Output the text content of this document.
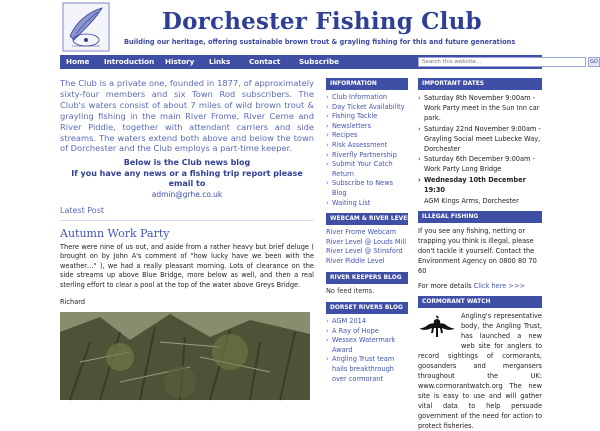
Dorchester Fishing Club
Building our heritage, offering sustainable brown trout & grayling fishing for this and future generations
Home Introduction History Links	Contact	Subscribe
Search this website…	GO

The Club is a private one, founded in 1877, of approximately sixty-four members and six Town Rod subscribers. The Club's waters consist of about 7 miles of wild brown trout & grayling fishing in the main River Frome, River Cerne and River Piddle, together with attendant carriers and side streams. The waters extend both above and below the town of Dorchester and the Club employs a part-time keeper.

Below is the Club news blog
If you have any news or a fishing trip report please email to
admin@grhe.co.uk
Latest Post
Autumn Work Party

There were nine of us out, and aside from a rather heavy but brief deluge ( brought on by John A's comment of "how lucky have we been with the weather…" ), we had a really pleasant morning. Lots of clearance on the side streams up above Blue Bridge, more below as well, and then a real sterling effort to clear a pool at the top of the water above Greys Bridge.

Richard
INFORMATION
› Club Information
› Day Ticket Availability
› Fishing Tackle
› Newsletters
› Recipes
› Risk Assessment
› Riverfly Partnership
› Submit Your Catch Return
› Subscribe to News Blog
› Waiting List
WEBCAM & RIVER LEVEL
River Frome Webcam
River Level @ Louds Mill
River Level @ Stinsford
River Piddle Level
RIVER KEEPERS BLOG

No feed items.

DORSET RIVERS BLOG
› AGM 2014
› A Ray of Hope
› Wessex Watermark Award
› Angling Trust team hails breakthrough over cormorant
IMPORTANT DATES
› Saturday 8th November 9:00am - Work Party meet in the Sun Inn car park.
› Saturday 22nd November 9:00am - Grayling Social meet Lubecke Way, Dorchester
› Saturday 6th December 9:00am - Work Party Long Bridge
› Wednesday 10th December 19:30
AGM Kings Arms, Dorchester
ILLEGAL FISHING
If you see any fishing, netting or trapping you think is illegal, please don't tackle it yourself. Contact the Environment Agency on 0800 80 70 60
For more details Click here >>>
CORMORANT WATCH
Angling's representative body, the Angling Trust, has launched a new web site for anglers to record sightings of cormorants, goosanders and mergansers throughout the UK: www.cormorantwatch.org The new site is easy to use and will gather vital data to help persuade government of the need for action to protect fisheries.
